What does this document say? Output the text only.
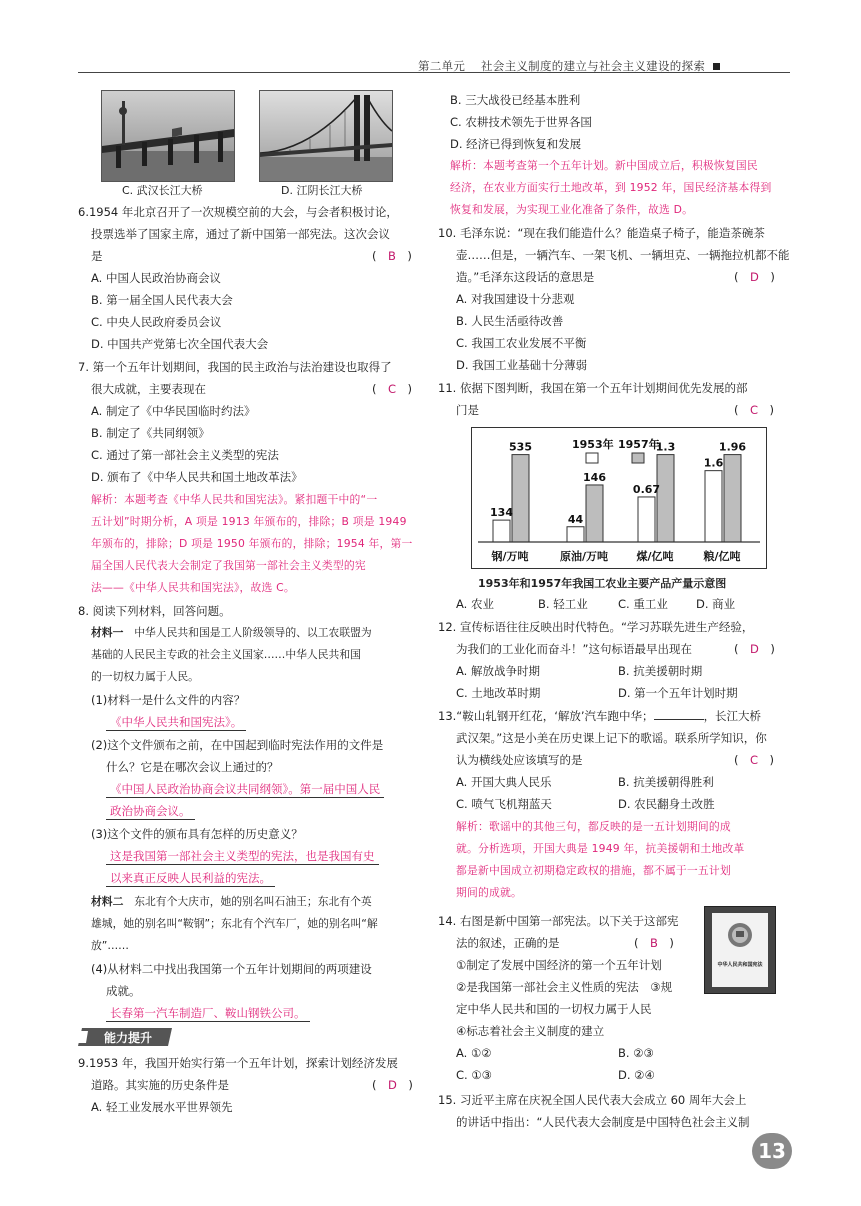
第二单元　 社会主义制度的建立与社会主义建设的探索
C. 武汉长江大桥	D. 江阴长江大桥
6.1954 年北京召开了一次规模空前的大会，与会者积极讨论，
投票选举了国家主席，通过了新中国第一部宪法。这次会议
是	(　B　)
A. 中国人民政治协商会议
B. 第一届全国人民代表大会
C. 中央人民政府委员会议
D. 中国共产党第七次全国代表大会
7. 第一个五年计划期间，我国的民主政治与法治建设也取得了
很大成就，主要表现在	(　C　)
A. 制定了《中华民国临时约法》
B. 制定了《共同纲领》
C. 通过了第一部社会主义类型的宪法
D. 颁布了《中华人民共和国土地改革法》
解析：本题考查《中华人民共和国宪法》。紧扣题干中的“一
五计划”时期分析，A 项是 1913 年颁布的，排除；B 项是 1949
年颁布的，排除；D 项是 1950 年颁布的，排除；1954 年，第一
届全国人民代表大会制定了我国第一部社会主义类型的宪
法——《中华人民共和国宪法》，故选 C。
8. 阅读下列材料，回答问题。
材料一　 中华人民共和国是工人阶级领导的、以工农联盟为
基础的人民民主专政的社会主义国家……中华人民共和国
的一切权力属于人民。
(1)材料一是什么文件的内容？
《中华人民共和国宪法》。
(2)这个文件颁布之前，在中国起到临时宪法作用的文件是
什么？它是在哪次会议上通过的？
《中国人民政治协商会议共同纲领》。第一届中国人民
政治协商会议。
(3)这个文件的颁布具有怎样的历史意义？
这是我国第一部社会主义类型的宪法，也是我国有史
以来真正反映人民利益的宪法。
材料二　 东北有个大庆市，她的别名叫石油王；东北有个英
雄城，她的别名叫“鞍钢”；东北有个汽车厂，她的别名叫“解
放”……
(4)从材料二中找出我国第一个五年计划期间的两项建设
成就。
长春第一汽车制造厂、鞍山钢铁公司。
能力提升
9.1953 年，我国开始实行第一个五年计划，探索计划经济发展
道路。其实施的历史条件是	(　D　)
A. 轻工业发展水平世界领先
B. 三大战役已经基本胜利
C. 农耕技术领先于世界各国
D. 经济已得到恢复和发展
解析：本题考查第一个五年计划。新中国成立后，积极恢复国民
经济，在农业方面实行土地改革，到 1952 年，国民经济基本得到
恢复和发展，为实现工业化准备了条件，故选 D。
10. 毛泽东说：“现在我们能造什么？能造桌子椅子，能造茶碗茶
壶……但是，一辆汽车、一架飞机、一辆坦克、一辆拖拉机都不能
造。”毛泽东这段话的意思是	(　D　)
A. 对我国建设十分悲观
B. 人民生活亟待改善
C. 我国工农业发展不平衡
D. 我国工业基础十分薄弱
11. 依据下图判断，我国在第一个五年计划期间优先发展的部
门是	(　C　)
134
535
钢/万吨
44
146
原油/万吨
0.67
1.3
煤/亿吨
1.6
1.96
粮/亿吨
1953年 1957年
1953年和1957年我国工农业主要产品产量示意图
A. 农业	B. 轻工业	C. 重工业 D. 商业
12. 宣传标语往往反映出时代特色。“学习苏联先进生产经验，
为我们的工业化而奋斗！”这句标语最早出现在	(　D　)
A. 解放战争时期	B. 抗美援朝时期
C. 土地改革时期	D. 第一个五年计划时期
13.“鞍山轧钢开红花，‘解放’汽车跑中华；	，长江大桥
武汉架。”这是小美在历史课上记下的歌谣。联系所学知识，你
认为横线处应该填写的是	(　C　)
A. 开国大典人民乐	B. 抗美援朝得胜利
C. 喷气飞机翔蓝天	D. 农民翻身土改胜
解析：歌谣中的其他三句，都反映的是一五计划期间的成
就。分析选项，开国大典是 1949 年，抗美援朝和土地改革
都是新中国成立初期稳定政权的措施，都不属于一五计划
期间的成就。
14. 右图是新中国第一部宪法。以下关于这部宪
法的叙述，正确的是	(　B　)
①制定了发展中国经济的第一个五年计划
②是我国第一部社会主义性质的宪法　③规
定中华人民共和国的一切权力属于人民
④标志着社会主义制度的建立
A. ①②	B. ②③
C. ①③	D. ②④
中华人民共和国宪法
15. 习近平主席在庆祝全国人民代表大会成立 60 周年大会上
的讲话中指出：“人民代表大会制度是中国特色社会主义制
13
